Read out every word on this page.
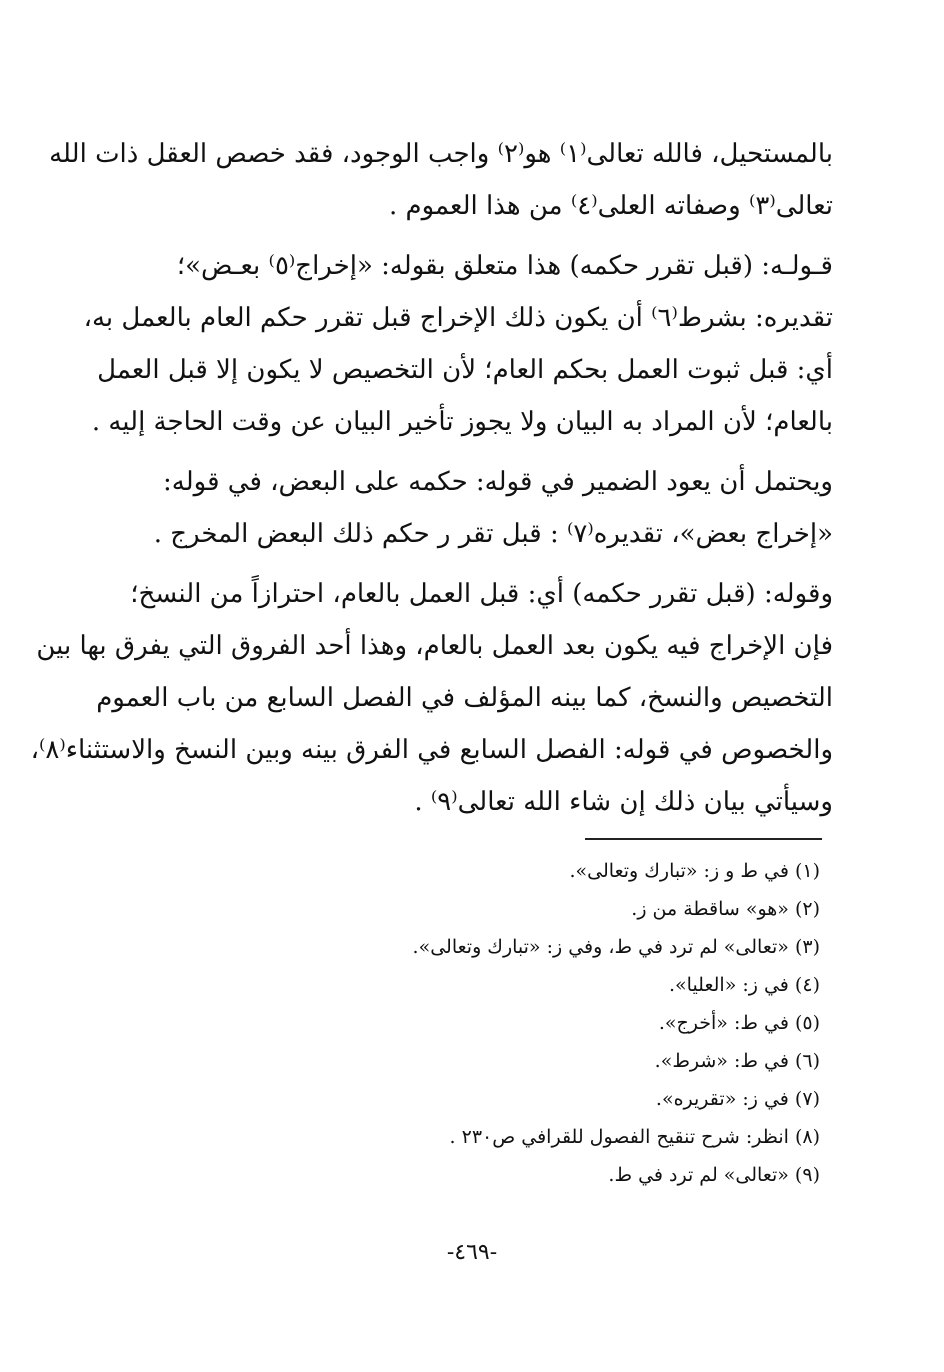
بالمستحيل، فالله تعالى⁽١⁾ هو⁽٢⁾ واجب الوجود، فقد خصص العقل ذات الله
تعالى⁽٣⁾ وصفاته العلى⁽٤⁾ من هذا العموم .

قـولـه: (قبل تقرر حكمه) هذا متعلق بقوله: «إخراج⁽٥⁾ بعـض»؛
تقديره: بشرط⁽٦⁾ أن يكون ذلك الإخراج قبل تقرر حكم العام بالعمل به،
أي: قبل ثبوت العمل بحكم العام؛ لأن التخصيص لا يكون إلا قبل العمل
بالعام؛ لأن المراد به البيان ولا يجوز تأخير البيان عن وقت الحاجة إليه .

ويحتمل أن يعود الضمير في قوله: حكمه على البعض، في قوله:
«إخراج بعض»، تقديره⁽٧⁾ : قبل تقر ر حكم ذلك البعض المخرج .

وقوله: (قبل تقرر حكمه) أي: قبل العمل بالعام، احترازاً من النسخ؛
فإن الإخراج فيه يكون بعد العمل بالعام، وهذا أحد الفروق التي يفرق بها بين
التخصيص والنسخ، كما بينه المؤلف في الفصل السابع من باب العموم
والخصوص في قوله: الفصل السابع في الفرق بينه وبين النسخ والاستثناء⁽٨⁾،
وسيأتي بيان ذلك إن شاء الله تعالى⁽٩⁾ .

(١) في ط و ز: «تبارك وتعالى».
(٢) «هو» ساقطة من ز.
(٣) «تعالى» لم ترد في ط، وفي ز: «تبارك وتعالى».
(٤) في ز: «العليا».
(٥) في ط: «أخرج».
(٦) في ط: «شرط».
(٧) في ز: «تقريره».
(٨) انظر: شرح تنقيح الفصول للقرافي ص٢٣٠ .
(٩) «تعالى» لم ترد في ط.
-٤٦٩-
